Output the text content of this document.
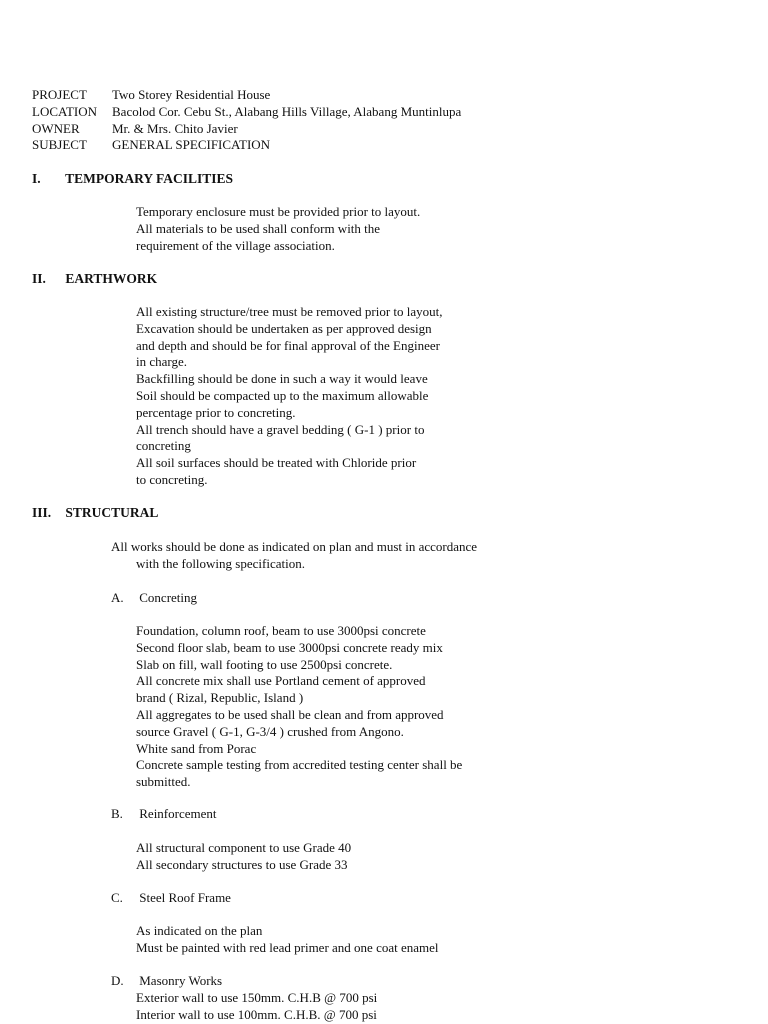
PROJECT	Two Storey Residential House
LOCATION	Bacolod Cor. Cebu St., Alabang Hills Village, Alabang Muntinlupa
OWNER	Mr. & Mrs. Chito Javier
SUBJECT	GENERAL SPECIFICATION
I. TEMPORARY FACILITIES
Temporary enclosure must be provided prior to layout.
All materials to be used shall conform with the
requirement of the village association.
II. EARTHWORK
All existing structure/tree must be removed prior to layout,
Excavation should be undertaken as per approved design
and depth and should be for final approval of the Engineer
in charge.
Backfilling should be done in such a way it would leave
Soil should be compacted up to the maximum allowable
percentage prior to concreting.
All trench should have a gravel bedding ( G-1 ) prior to
concreting
All soil surfaces should be treated with Chloride prior
to concreting.
III. STRUCTURAL
All works should be done as indicated on plan and must in accordance
with the following specification.
A. Concreting
Foundation, column roof, beam to use 3000psi concrete
Second floor slab, beam to use 3000psi concrete ready mix
Slab on fill, wall footing to use 2500psi concrete.
All concrete mix shall use Portland cement of approved
brand ( Rizal, Republic, Island )
All aggregates to be used shall be clean and from approved
source Gravel ( G-1, G-3/4 ) crushed from Angono.
White sand from Porac
Concrete sample testing from accredited testing center shall be
submitted.
B. Reinforcement
All structural component to use Grade 40
All secondary structures to use Grade 33
C. Steel Roof Frame
As indicated on the plan
Must be painted with red lead primer and one coat enamel
D. Masonry Works
Exterior wall to use 150mm. C.H.B @ 700 psi
Interior wall to use 100mm. C.H.B. @ 700 psi
